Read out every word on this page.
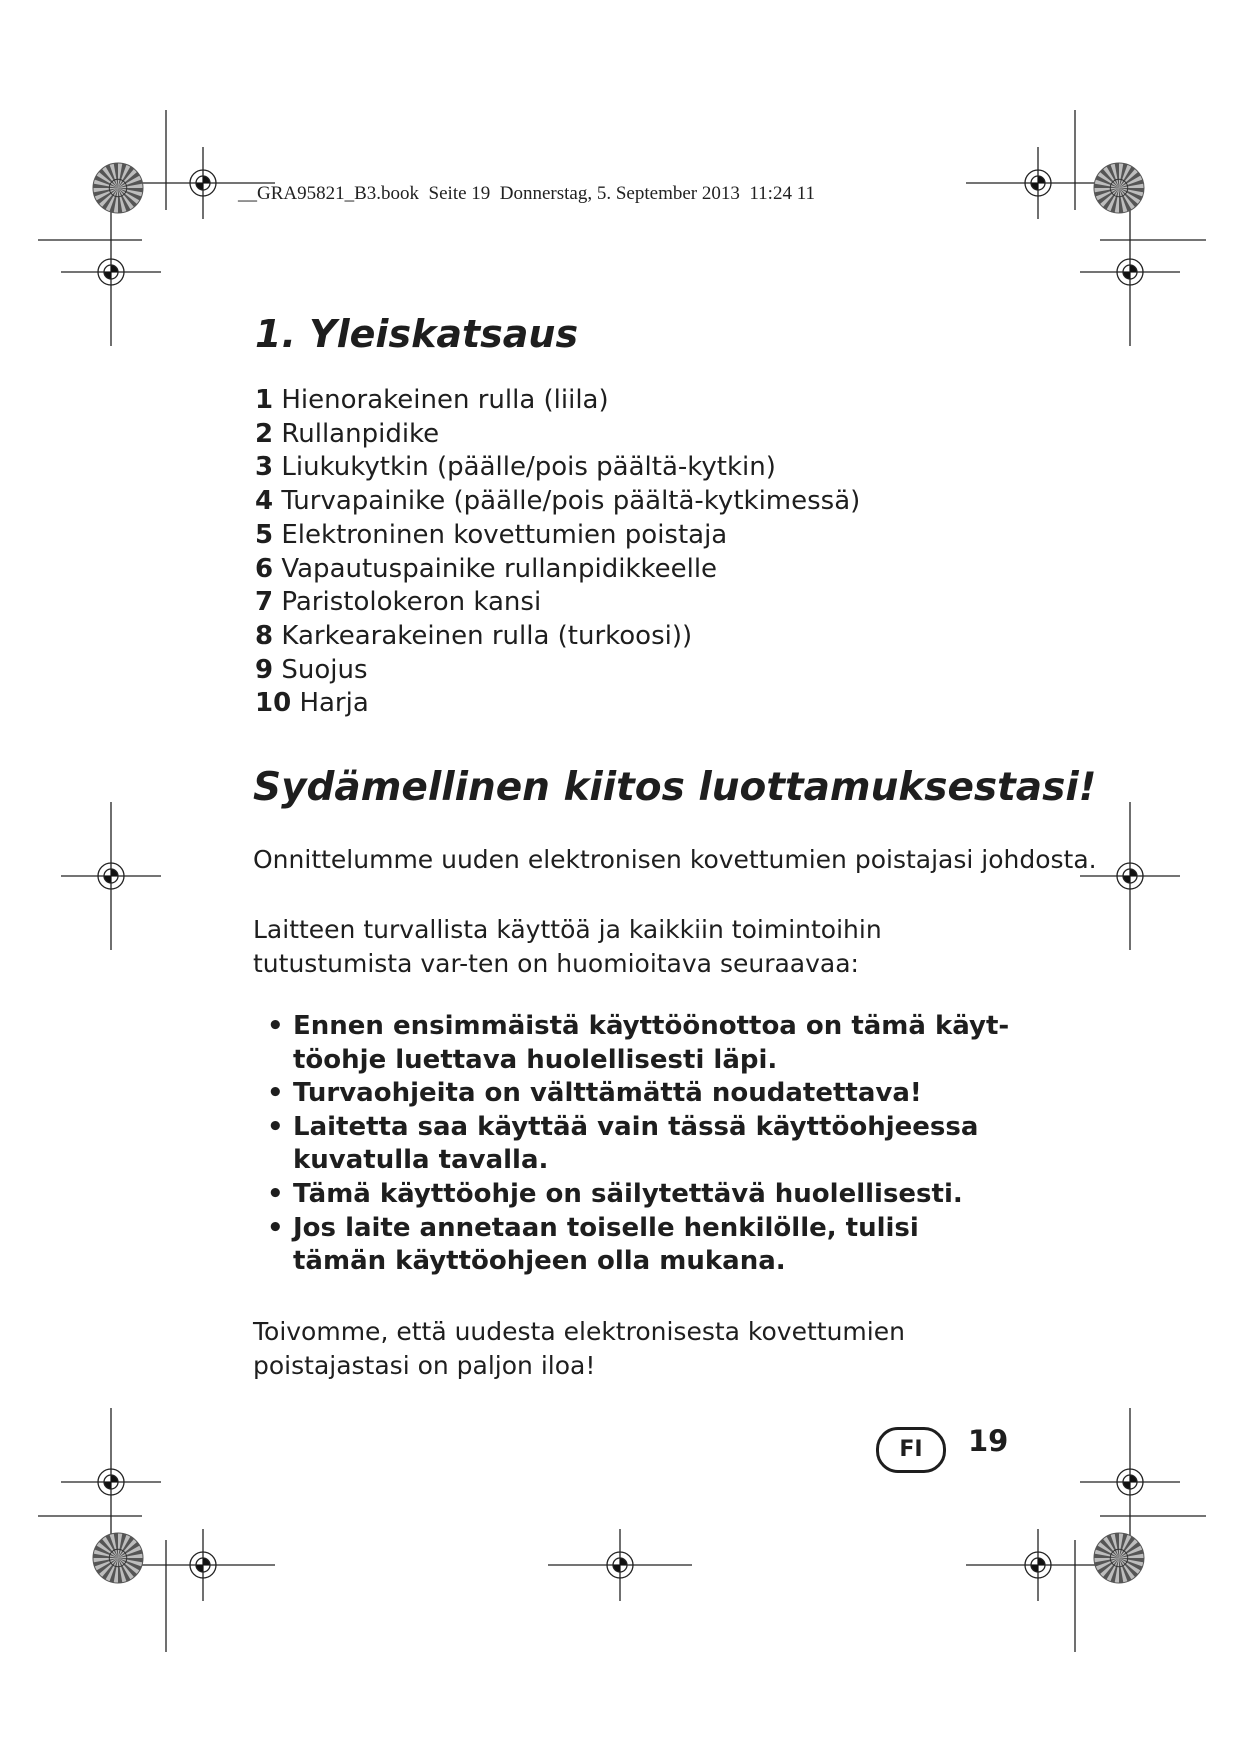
__GRA95821_B3.book  Seite 19  Donnerstag, 5. September 2013  11:24 11
1. Yleiskatsaus
1 Hienorakeinen rulla (liila)
2 Rullanpidike
3 Liukukytkin (päälle/pois päältä-kytkin)
4 Turvapainike (päälle/pois päältä-kytkimessä)
5 Elektroninen kovettumien poistaja
6 Vapautuspainike rullanpidikkeelle
7 Paristolokeron kansi
8 Karkearakeinen rulla (turkoosi))
9 Suojus
10 Harja
Sydämellinen kiitos luottamuksestasi!

Onnittelumme uuden elektronisen kovettumien poistajasi johdosta.

Laitteen turvallista käyttöä ja kaikkiin toimintoihin tutustumista var-ten on huomioitava seuraavaa:

• Ennen ensimmäistä käyttöönottoa on tämä käyt-töohje luettava huolellisesti läpi.
• Turvaohjeita on välttämättä noudatettava!
• Laitetta saa käyttää vain tässä käyttöohjeessa kuvatulla tavalla.
• Tämä käyttöohje on säilytettävä huolellisesti.
• Jos laite annetaan toiselle henkilölle, tulisi tämän käyttöohjeen olla mukana.

Toivomme, että uudesta elektronisesta kovettumien poistajastasi on paljon iloa!

FI	19
